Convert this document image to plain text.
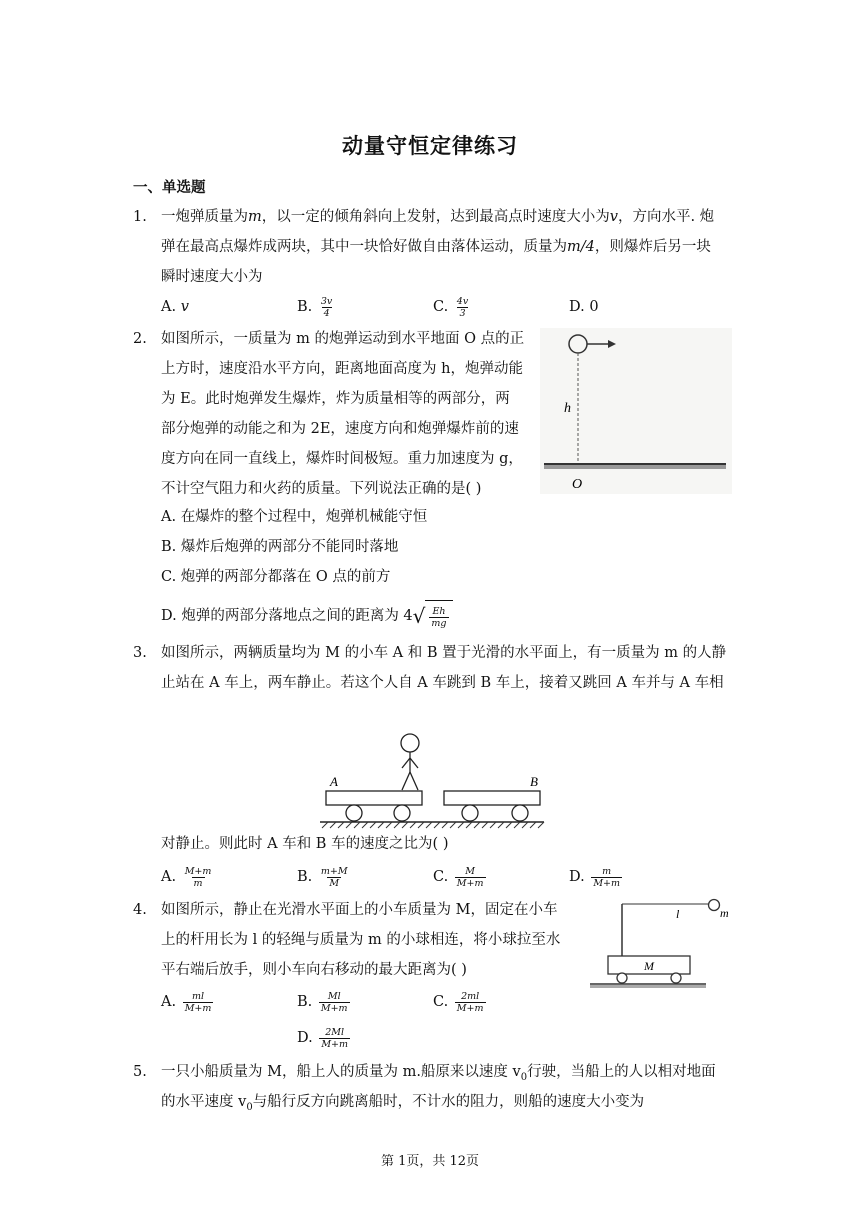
动量守恒定律练习
一、单选题
1. 一炮弹质量为m，以一定的倾角斜向上发射，达到最高点时速度大小为v，方向水平. 炮
弹在最高点爆炸成两块，其中一块恰好做自由落体运动，质量为m/4，则爆炸后另一块
瞬时速度大小为
A. v	B. $\frac{3v}{4}$	C. $\frac{4v}{3}$	D. 0
2. 如图所示，一质量为 m 的炮弹运动到水平地面 O 点的正
上方时，速度沿水平方向，距离地面高度为 h，炮弹动能
为 E。此时炮弹发生爆炸，炸为质量相等的两部分，两
部分炮弹的动能之和为 2E，速度方向和炮弹爆炸前的速
度方向在同一直线上，爆炸时间极短。重力加速度为 g，
不计空气阻力和火药的质量。下列说法正确的是( )
h
O
A. 在爆炸的整个过程中，炮弹机械能守恒
B. 爆炸后炮弹的两部分不能同时落地
C. 炮弹的两部分都落在 O 点的前方
D. 炮弹的两部分落地点之间的距离为 4 √ $\frac{Eh}{mg}$
3. 如图所示，两辆质量均为 M 的小车 A 和 B 置于光滑的水平面上，有一质量为 m 的人静
止站在 A 车上，两车静止。若这个人自 A 车跳到 B 车上，接着又跳回 A 车并与 A 车相
A	B
对静止。则此时 A 车和 B 车的速度之比为( )
A. $\frac{M+m}{m}$	B. $\frac{m+M}{M}$	C. $\frac{M}{M+m}$	D. $\frac{m}{M+m}$
4. 如图所示，静止在光滑水平面上的小车质量为 M，固定在小车
上的杆用长为 l 的轻绳与质量为 m 的小球相连，将小球拉至水
平右端后放手，则小车向右移动的最大距离为( )
l	m
M
A. $\frac{ml}{M+m}$	B. $\frac{Ml}{M+m}$	C. $\frac{2ml}{M+m}$
D. $\frac{2Ml}{M+m}$
5. 一只小船质量为 M，船上人的质量为 m.船原来以速度 $v_0$行驶，当船上的人以相对地面
的水平速度 $v_0$与船行反方向跳离船时，不计水的阻力，则船的速度大小变为
第 1页，共 12页
